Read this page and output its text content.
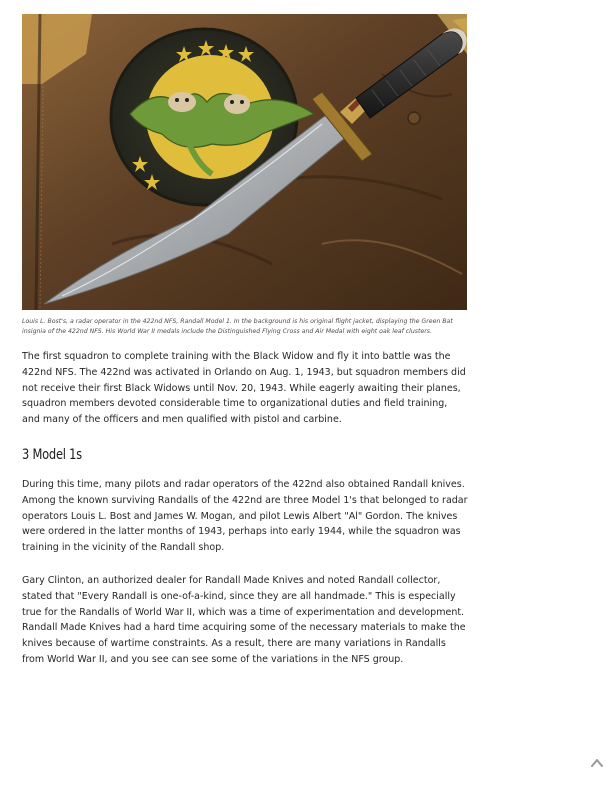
Louis L. Bost's, a radar operator in the 422nd NFS, Randall Model 1. In the background is his original flight jacket, displaying the Green Bat insignia of the 422nd NFS. His World War II medals include the Distinguished Flying Cross and Air Medal with eight oak leaf clusters.

The first squadron to complete training with the Black Widow and fly it into battle was the 422nd NFS. The 422nd was activated in Orlando on Aug. 1, 1943, but squadron members did not receive their first Black Widows until Nov. 20, 1943. While eagerly awaiting their planes, squadron members devoted considerable time to organizational duties and field training, and many of the officers and men qualified with pistol and carbine.

3 Model 1s

During this time, many pilots and radar operators of the 422nd also obtained Randall knives. Among the known surviving Randalls of the 422nd are three Model 1's that belonged to radar operators Louis L. Bost and James W. Mogan, and pilot Lewis Albert "Al" Gordon. The knives were ordered in the latter months of 1943, perhaps into early 1944, while the squadron was training in the vicinity of the Randall shop.

Gary Clinton, an authorized dealer for Randall Made Knives and noted Randall collector, stated that "Every Randall is one-of-a-kind, since they are all handmade." This is especially true for the Randalls of World War II, which was a time of experimentation and development. Randall Made Knives had a hard time acquiring some of the necessary materials to make the knives because of wartime constraints. As a result, there are many variations in Randalls from World War II, and you see can see some of the variations in the NFS group.
